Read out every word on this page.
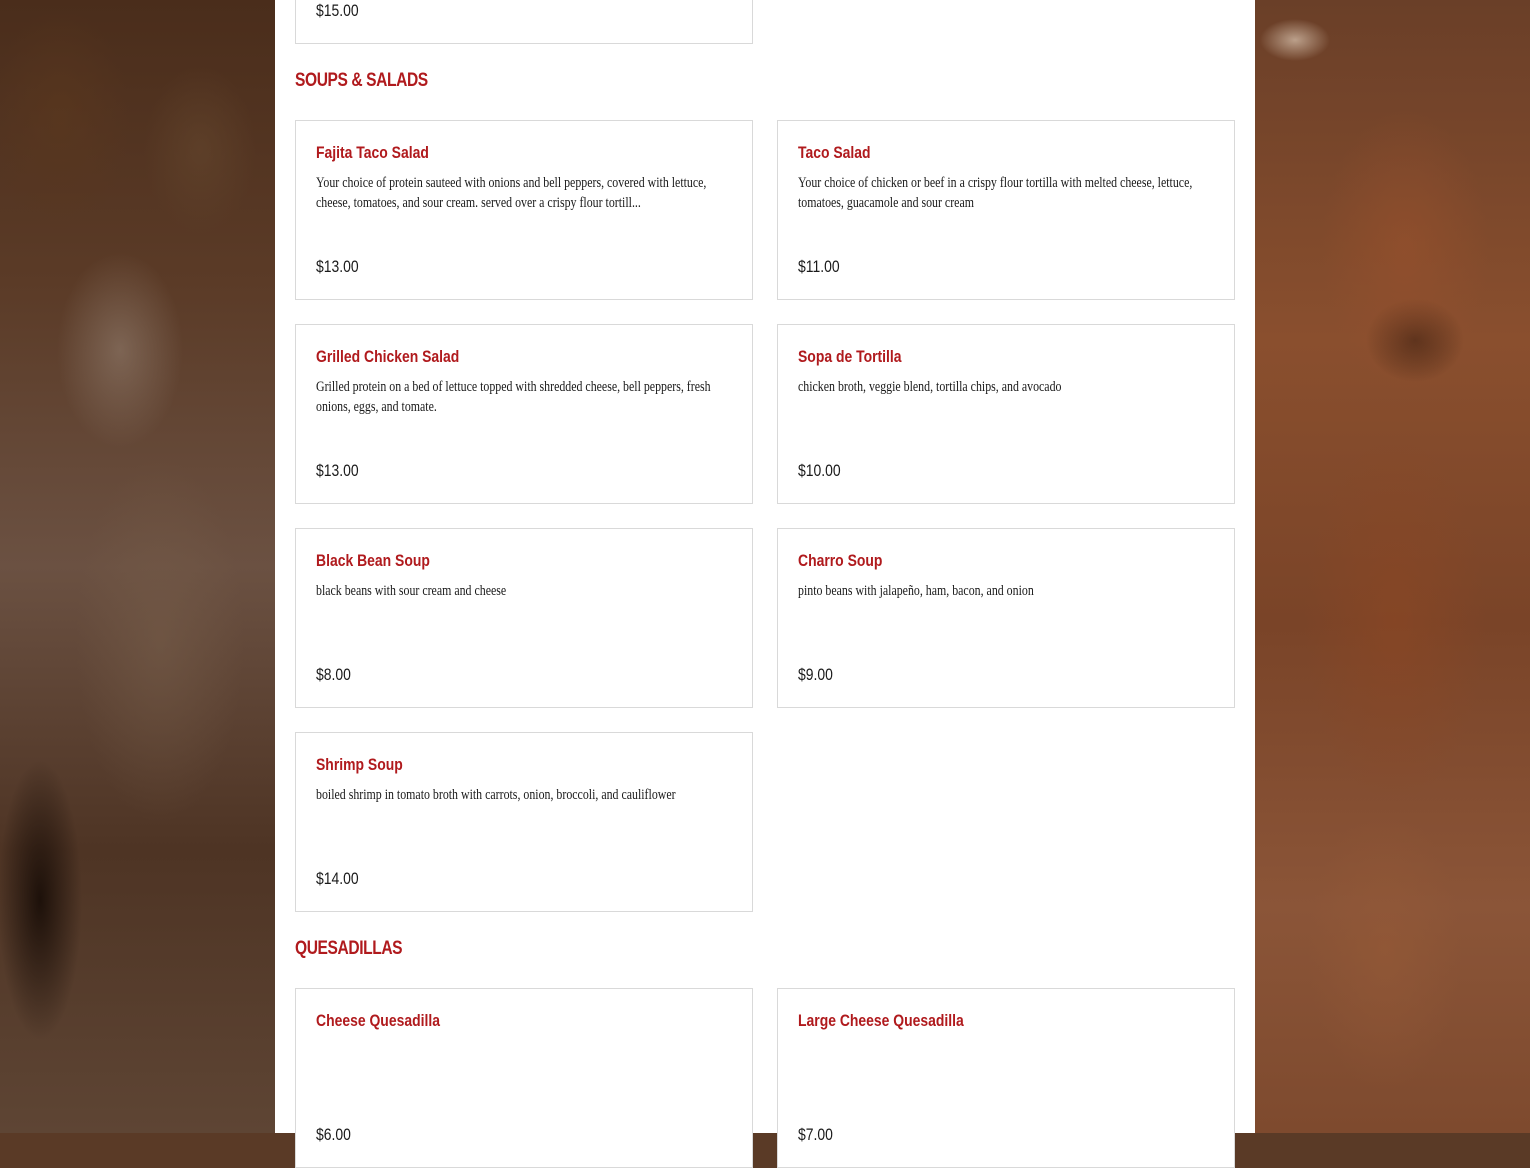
$15.00
SOUPS & SALADS
Fajita Taco Salad
Your choice of protein sauteed with onions and bell peppers, covered with lettuce, cheese, tomatoes, and sour cream. served over a crispy flour tortill...
$13.00
Taco Salad
Your choice of chicken or beef in a crispy flour tortilla with melted cheese, lettuce, tomatoes, guacamole and sour cream
$11.00
Grilled Chicken Salad
Grilled protein on a bed of lettuce topped with shredded cheese, bell peppers, fresh onions, eggs, and tomate.
$13.00
Sopa de Tortilla
chicken broth, veggie blend, tortilla chips, and avocado
$10.00
Black Bean Soup
black beans with sour cream and cheese
$8.00
Charro Soup
pinto beans with jalapeño, ham, bacon, and onion
$9.00
Shrimp Soup
boiled shrimp in tomato broth with carrots, onion, broccoli, and cauliflower
$14.00
QUESADILLAS
Cheese Quesadilla
$6.00
Large Cheese Quesadilla
$7.00
